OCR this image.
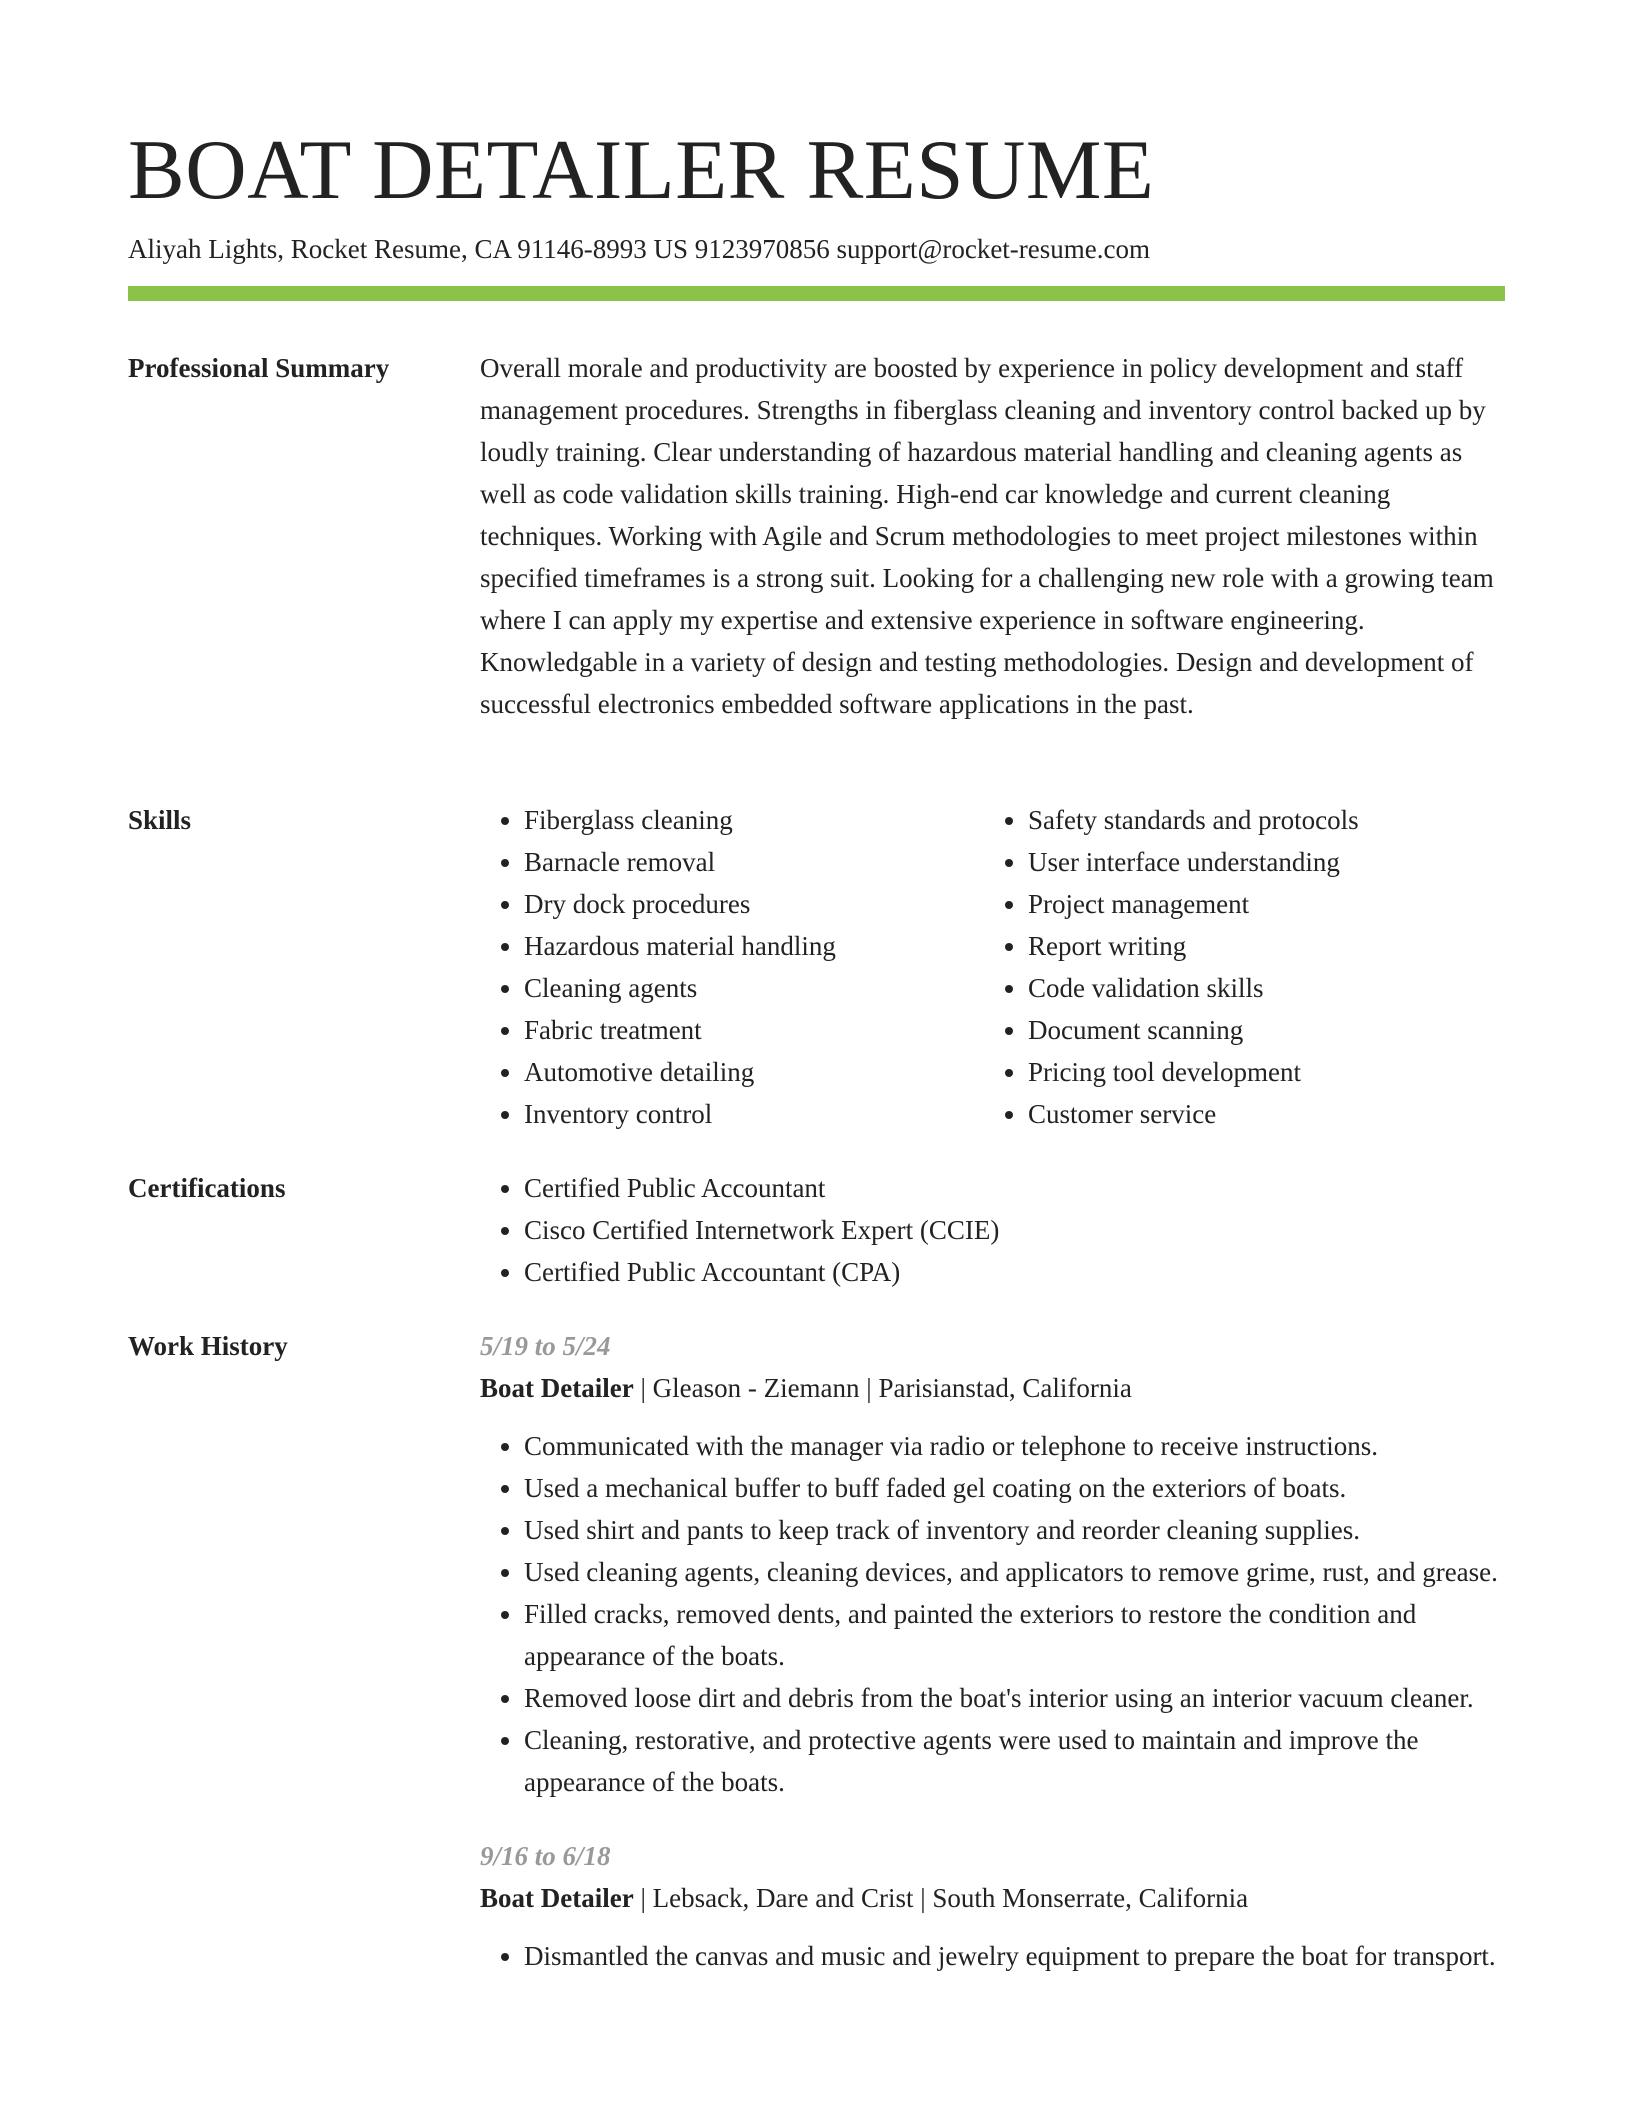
BOAT DETAILER RESUME
Aliyah Lights, Rocket Resume, CA 91146-8993 US 9123970856 support@rocket-resume.com
Professional Summary	Overall morale and productivity are boosted by experience in policy development and staff management procedures. Strengths in fiberglass cleaning and inventory control backed up by loudly training. Clear understanding of hazardous material handling and cleaning agents as well as code validation skills training. High-end car knowledge and current cleaning techniques. Working with Agile and Scrum methodologies to meet project milestones within specified timeframes is a strong suit. Looking for a challenging new role with a growing team where I can apply my expertise and extensive experience in software engineering. Knowledgable in a variety of design and testing methodologies. Design and development of successful electronics embedded software applications in the past.

Skills	• Fiberglass cleaning
• Barnacle removal
• Dry dock procedures
• Hazardous material handling
• Cleaning agents
• Fabric treatment
• Automotive detailing
• Inventory control
• Safety standards and protocols
• User interface understanding
• Project management
• Report writing
• Code validation skills
• Document scanning
• Pricing tool development
• Customer service
Certifications	• Certified Public Accountant
• Cisco Certified Internetwork Expert (CCIE)
• Certified Public Accountant (CPA)
Work History	5/19 to 5/24
Boat Detailer | Gleason - Ziemann | Parisianstad, California
• Communicated with the manager via radio or telephone to receive instructions.
• Used a mechanical buffer to buff faded gel coating on the exteriors of boats.
• Used shirt and pants to keep track of inventory and reorder cleaning supplies.
• Used cleaning agents, cleaning devices, and applicators to remove grime, rust, and grease.
• Filled cracks, removed dents, and painted the exteriors to restore the condition and appearance of the boats.
• Removed loose dirt and debris from the boat's interior using an interior vacuum cleaner.
• Cleaning, restorative, and protective agents were used to maintain and improve the appearance of the boats.
9/16 to 6/18
Boat Detailer | Lebsack, Dare and Crist | South Monserrate, California
• Dismantled the canvas and music and jewelry equipment to prepare the boat for transport.
